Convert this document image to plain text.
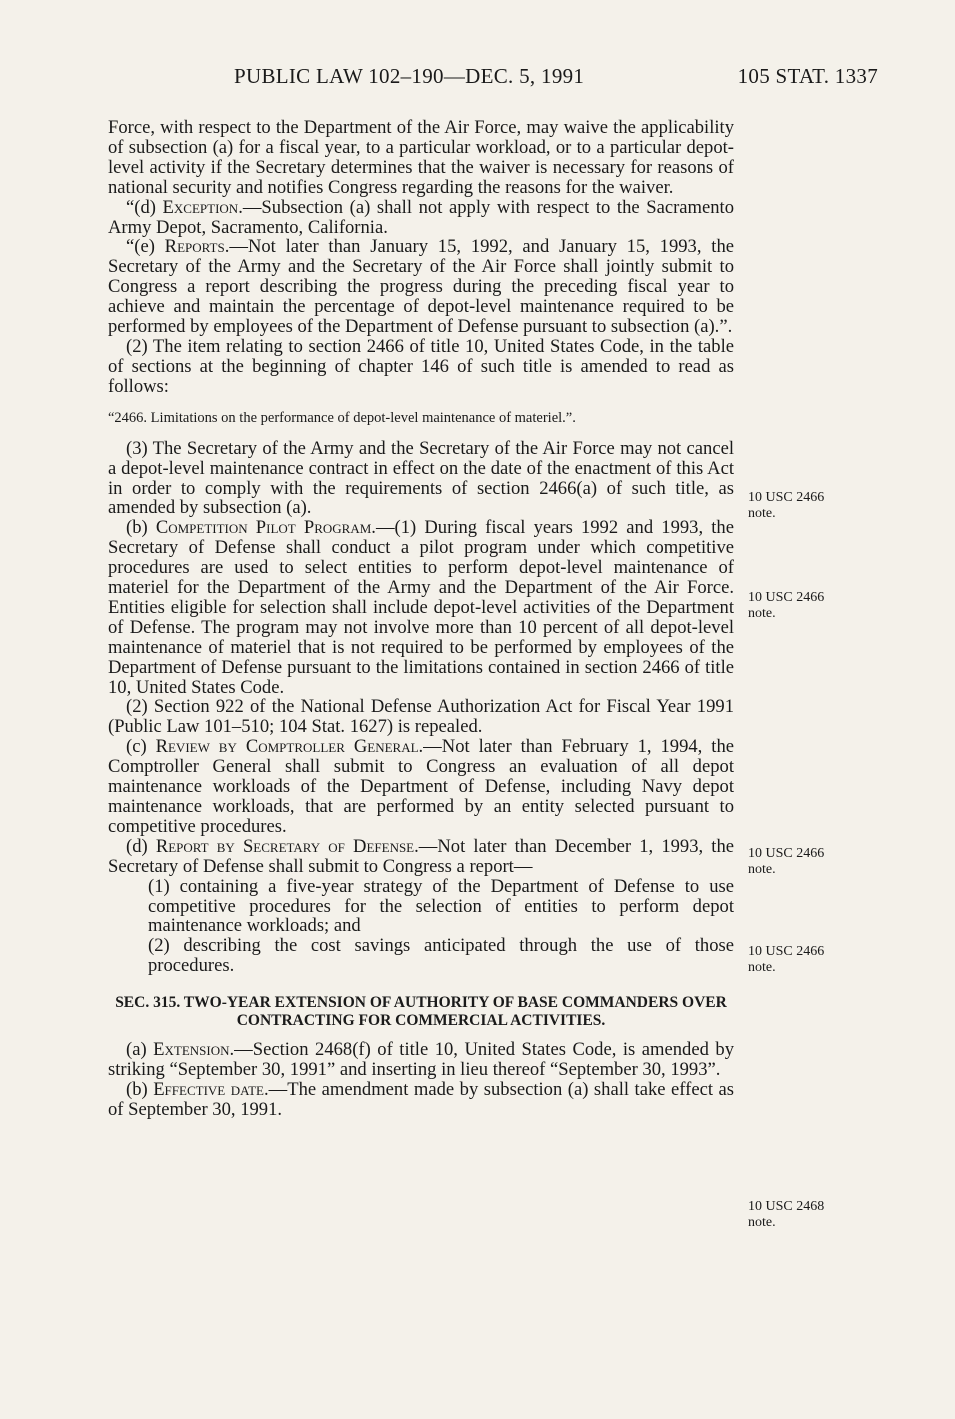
PUBLIC LAW 102–190—DEC. 5, 1991	105 STAT. 1337

Force, with respect to the Department of the Air Force, may waive the applicability of subsection (a) for a fiscal year, to a particular workload, or to a particular depot-level activity if the Secretary determines that the waiver is necessary for reasons of national security and notifies Congress regarding the reasons for the waiver.

“(d) Exception.—Subsection (a) shall not apply with respect to the Sacramento Army Depot, Sacramento, California.

“(e) Reports.—Not later than January 15, 1992, and January 15, 1993, the Secretary of the Army and the Secretary of the Air Force shall jointly submit to Congress a report describing the progress during the preceding fiscal year to achieve and maintain the percentage of depot-level maintenance required to be performed by employees of the Department of Defense pursuant to subsection (a).”.

(2) The item relating to section 2466 of title 10, United States Code, in the table of sections at the beginning of chapter 146 of such title is amended to read as follows:

“2466. Limitations on the performance of depot-level maintenance of materiel.”.

(3) The Secretary of the Army and the Secretary of the Air Force may not cancel a depot-level maintenance contract in effect on the date of the enactment of this Act in order to comply with the requirements of section 2466(a) of such title, as amended by subsection (a).

(b) Competition Pilot Program.—(1) During fiscal years 1992 and 1993, the Secretary of Defense shall conduct a pilot program under which competitive procedures are used to select entities to perform depot-level maintenance of materiel for the Department of the Army and the Department of the Air Force. Entities eligible for selection shall include depot-level activities of the Department of Defense. The program may not involve more than 10 percent of all depot-level maintenance of materiel that is not required to be performed by employees of the Department of Defense pursuant to the limitations contained in section 2466 of title 10, United States Code.

(2) Section 922 of the National Defense Authorization Act for Fiscal Year 1991 (Public Law 101–510; 104 Stat. 1627) is repealed.

(c) Review by Comptroller General.—Not later than February 1, 1994, the Comptroller General shall submit to Congress an evaluation of all depot maintenance workloads of the Department of Defense, including Navy depot maintenance workloads, that are performed by an entity selected pursuant to competitive procedures.

(d) Report by Secretary of Defense.—Not later than December 1, 1993, the Secretary of Defense shall submit to Congress a report—

(1) containing a five-year strategy of the Department of Defense to use competitive procedures for the selection of entities to perform depot maintenance workloads; and

(2) describing the cost savings anticipated through the use of those procedures.

SEC. 315. TWO-YEAR EXTENSION OF AUTHORITY OF BASE COMMANDERS OVER CONTRACTING FOR COMMERCIAL ACTIVITIES.

(a) Extension.—Section 2468(f) of title 10, United States Code, is amended by striking “September 30, 1991” and inserting in lieu thereof “September 30, 1993”.

(b) Effective date.—The amendment made by subsection (a) shall take effect as of September 30, 1991.

10 USC 2466
note.
10 USC 2466
note.
10 USC 2466
note.
10 USC 2466
note.
10 USC 2468
note.
